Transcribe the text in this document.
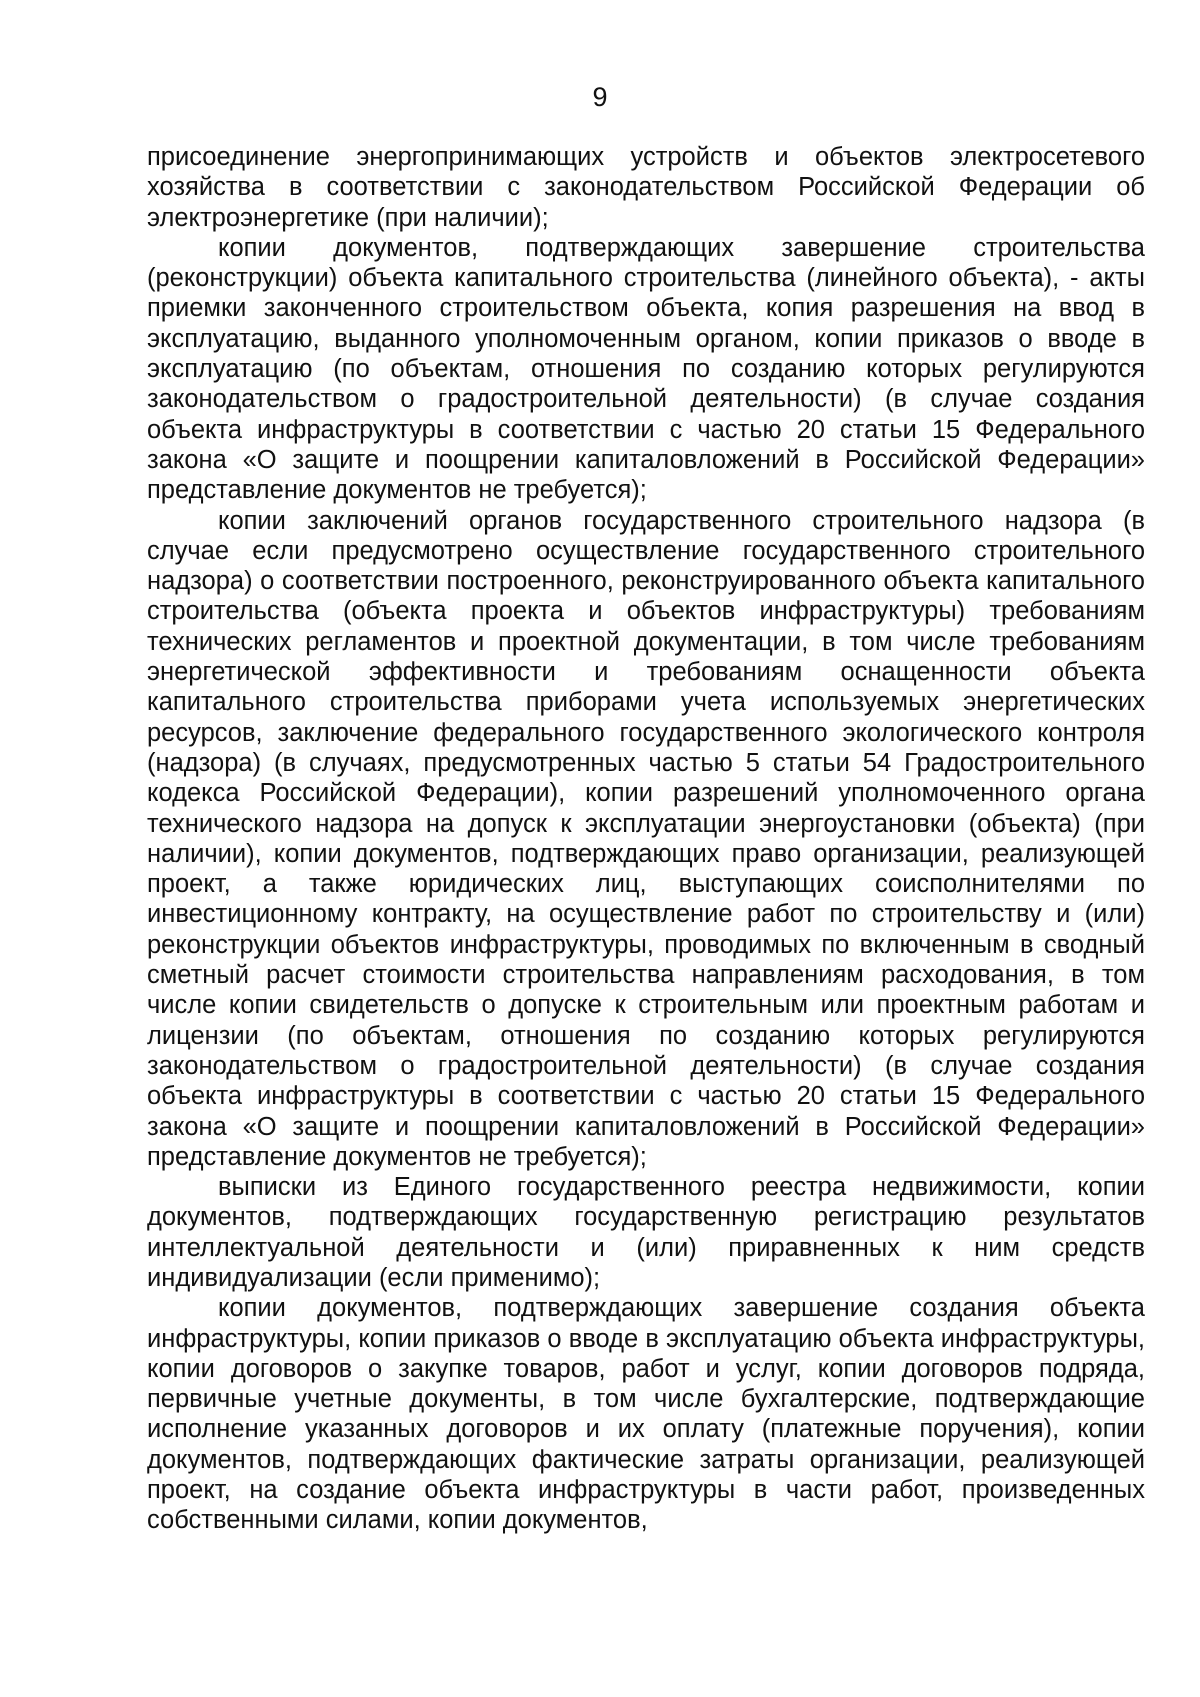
9

присоединение энергопринимающих устройств и объектов электросетевого хозяйства в соответствии с законодательством Российской Федерации об электроэнергетике (при наличии);

копии документов, подтверждающих завершение строительства (реконструкции) объекта капитального строительства (линейного объекта), - акты приемки законченного строительством объекта, копия разрешения на ввод в эксплуатацию, выданного уполномоченным органом, копии приказов о вводе в эксплуатацию (по объектам, отношения по созданию которых регулируются законодательством о градостроительной деятельности) (в случае создания объекта инфраструктуры в соответствии с частью 20 статьи 15 Федерального закона «О защите и поощрении капиталовложений в Российской Федерации» представление документов не требуется);

копии заключений органов государственного строительного надзора (в случае если предусмотрено осуществление государственного строительного надзора) о соответствии построенного, реконструированного объекта капитального строительства (объекта проекта и объектов инфраструктуры) требованиям технических регламентов и проектной документации, в том числе требованиям энергетической эффективности и требованиям оснащенности объекта капитального строительства приборами учета используемых энергетических ресурсов, заключение федерального государственного экологического контроля (надзора) (в случаях, предусмотренных частью 5 статьи 54 Градостроительного кодекса Российской Федерации), копии разрешений уполномоченного органа технического надзора на допуск к эксплуатации энергоустановки (объекта) (при наличии), копии документов, подтверждающих право организации, реализующей проект, а также юридических лиц, выступающих соисполнителями по инвестиционному контракту, на осуществление работ по строительству и (или) реконструкции объектов инфраструктуры, проводимых по включенным в сводный сметный расчет стоимости строительства направлениям расходования, в том числе копии свидетельств о допуске к строительным или проектным работам и лицензии (по объектам, отношения по созданию которых регулируются законодательством о градостроительной деятельности) (в случае создания объекта инфраструктуры в соответствии с частью 20 статьи 15 Федерального закона «О защите и поощрении капиталовложений в Российской Федерации» представление документов не требуется);

выписки из Единого государственного реестра недвижимости, копии документов, подтверждающих государственную регистрацию результатов интеллектуальной деятельности и (или) приравненных к ним средств индивидуализации (если применимо);

копии документов, подтверждающих завершение создания объекта инфраструктуры, копии приказов о вводе в эксплуатацию объекта инфраструктуры, копии договоров о закупке товаров, работ и услуг, копии договоров подряда, первичные учетные документы, в том числе бухгалтерские, подтверждающие исполнение указанных договоров и их оплату (платежные поручения), копии документов, подтверждающих фактические затраты организации, реализующей проект, на создание объекта инфраструктуры в части работ, произведенных собственными силами, копии документов,
